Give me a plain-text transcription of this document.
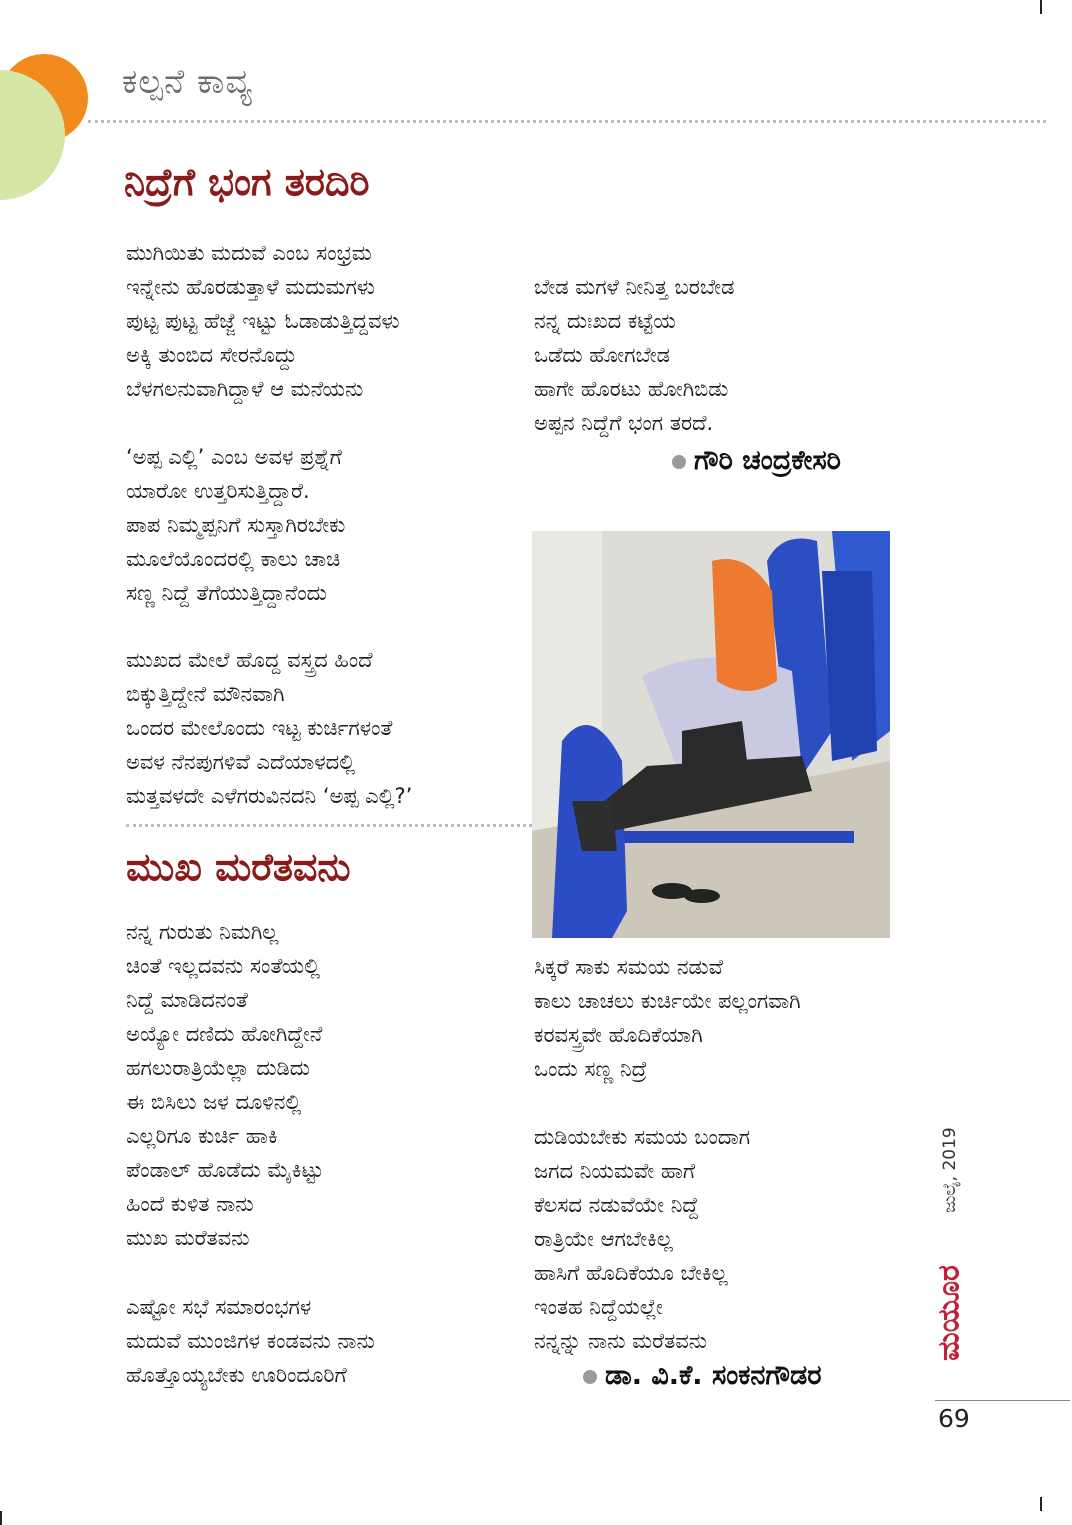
ಕಲ್ಪನೆ ಕಾವ್ಯ
ನಿದ್ರೆಗೆ ಭಂಗ ತರದಿರಿ
ಮುಗಿಯಿತು ಮದುವೆ ಎಂಬ ಸಂಭ್ರಮ
ಇನ್ನೇನು ಹೊರಡುತ್ತಾಳೆ ಮದುಮಗಳು
ಪುಟ್ಟ ಪುಟ್ಟ ಹೆಜ್ಜೆ ಇಟ್ಟು ಓಡಾಡುತ್ತಿದ್ದವಳು
ಅಕ್ಕಿ ತುಂಬಿದ ಸೇರನೊದ್ದು
ಬೆಳಗಲನುವಾಗಿದ್ದಾಳೆ ಆ ಮನೆಯನು
‘ಅಪ್ಪ ಎಲ್ಲಿ’ ಎಂಬ ಅವಳ ಪ್ರಶ್ನೆಗೆ
ಯಾರೋ ಉತ್ತರಿಸುತ್ತಿದ್ದಾರೆ.
ಪಾಪ ನಿಮ್ಮಪ್ಪನಿಗೆ ಸುಸ್ತಾಗಿರಬೇಕು
ಮೂಲೆಯೊಂದರಲ್ಲಿ ಕಾಲು ಚಾಚಿ
ಸಣ್ಣ ನಿದ್ದೆ ತೆಗೆಯುತ್ತಿದ್ದಾನೆಂದು
ಮುಖದ ಮೇಲೆ ಹೊದ್ದ ವಸ್ತ್ರದ ಹಿಂದೆ
ಬಿಕ್ಕುತ್ತಿದ್ದೇನೆ ಮೌನವಾಗಿ
ಒಂದರ ಮೇಲೊಂದು ಇಟ್ಟ ಕುರ್ಚಿಗಳಂತೆ
ಅವಳ ನೆನಪುಗಳಿವೆ ಎದೆಯಾಳದಲ್ಲಿ
ಮತ್ತವಳದೇ ಎಳೆಗರುವಿನದನಿ ‘ಅಪ್ಪ ಎಲ್ಲಿ?’
ಬೇಡ ಮಗಳೆ ನೀನಿತ್ತ ಬರಬೇಡ
ನನ್ನ ದುಃಖದ ಕಟ್ಟೆಯ
ಒಡೆದು ಹೋಗಬೇಡ
ಹಾಗೇ ಹೊರಟು ಹೋಗಿಬಿಡು
ಅಪ್ಪನ ನಿದ್ದೆಗೆ ಭಂಗ ತರದೆ.
ಗೌರಿ ಚಂದ್ರಕೇಸರಿ
ಮುಖ ಮರೆತವನು
ನನ್ನ ಗುರುತು ನಿಮಗಿಲ್ಲ
ಚಿಂತೆ ಇಲ್ಲದವನು ಸಂತೆಯಲ್ಲಿ
ನಿದ್ದೆ ಮಾಡಿದನಂತೆ
ಅಯ್ಯೋ ದಣಿದು ಹೋಗಿದ್ದೇನೆ
ಹಗಲುರಾತ್ರಿಯೆಲ್ಲಾ ದುಡಿದು
ಈ ಬಿಸಿಲು ಜಳ ದೂಳಿನಲ್ಲಿ
ಎಲ್ಲರಿಗೂ ಕುರ್ಚಿ ಹಾಕಿ
ಪೆಂಡಾಲ್ ಹೊಡೆದು ಮೈಕಿಟ್ಟು
ಹಿಂದೆ ಕುಳಿತ ನಾನು
ಮುಖ ಮರೆತವನು
ಎಷ್ಟೋ ಸಭೆ ಸಮಾರಂಭಗಳ
ಮದುವೆ ಮುಂಜಿಗಳ ಕಂಡವನು ನಾನು
ಹೊತ್ತೊಯ್ಯಬೇಕು ಊರಿಂದೂರಿಗೆ
ಸಿಕ್ಕರೆ ಸಾಕು ಸಮಯ ನಡುವೆ
ಕಾಲು ಚಾಚಲು ಕುರ್ಚಿಯೇ ಪಲ್ಲಂಗವಾಗಿ
ಕರವಸ್ತ್ರವೇ ಹೊದಿಕೆಯಾಗಿ
ಒಂದು ಸಣ್ಣ ನಿದ್ರೆ
ದುಡಿಯಬೇಕು ಸಮಯ ಬಂದಾಗ
ಜಗದ ನಿಯಮವೇ ಹಾಗೆ
ಕೆಲಸದ ನಡುವೆಯೇ ನಿದ್ದೆ
ರಾತ್ರಿಯೇ ಆಗಬೇಕಿಲ್ಲ
ಹಾಸಿಗೆ ಹೊದಿಕೆಯೂ ಬೇಕಿಲ್ಲ
ಇಂತಹ ನಿದ್ದೆಯಲ್ಲೇ
ನನ್ನನ್ನು ನಾನು ಮರೆತವನು
ಡಾ. ವಿ.ಕೆ. ಸಂಕನಗೌಡರ
ಜುಲೈ, 2019
ಮಯೂರ
69
